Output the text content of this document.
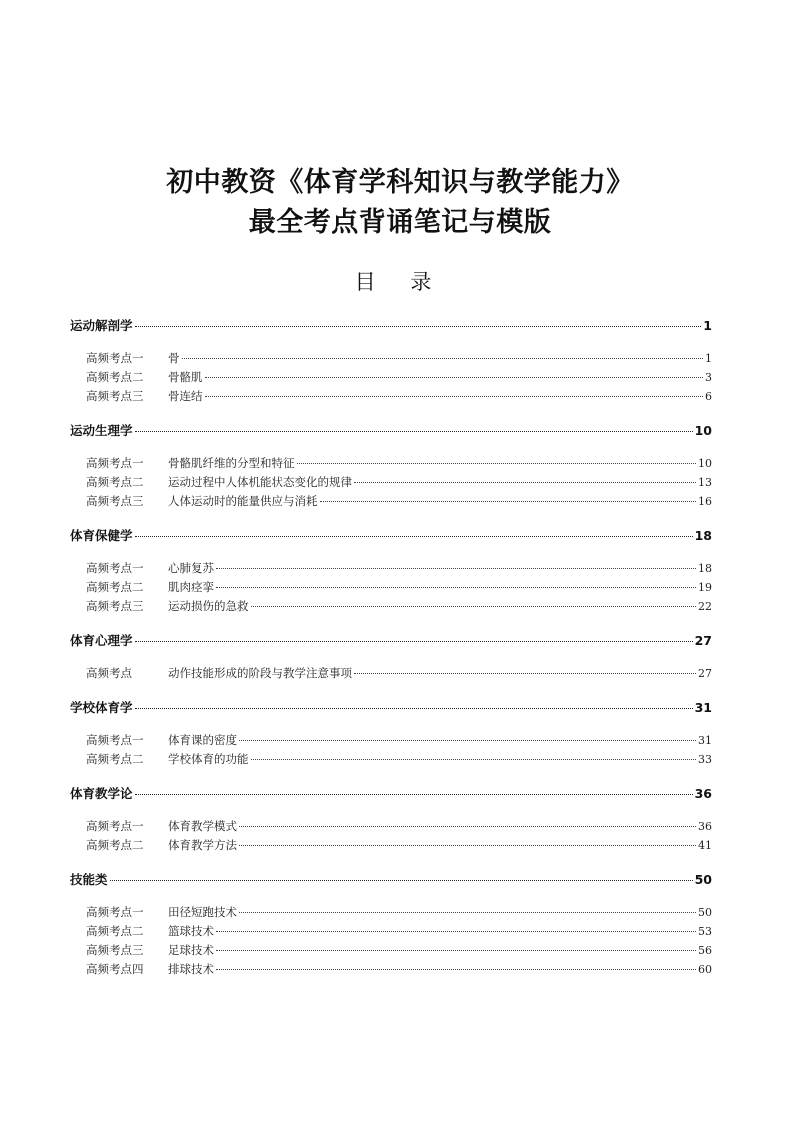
初中教资《体育学科知识与教学能力》
最全考点背诵笔记与模版
目 录
运动解剖学	1
高频考点一	骨	1
高频考点二	骨骼肌	3
高频考点三	骨连结	6
运动生理学	10
高频考点一	骨骼肌纤维的分型和特征	10
高频考点二	运动过程中人体机能状态变化的规律	13
高频考点三	人体运动时的能量供应与消耗	16
体育保健学	18
高频考点一	心肺复苏	18
高频考点二	肌肉痉挛	19
高频考点三	运动损伤的急救	22
体育心理学	27
高频考点	动作技能形成的阶段与教学注意事项	27
学校体育学	31
高频考点一	体育课的密度	31
高频考点二	学校体育的功能	33
体育教学论	36
高频考点一	体育教学模式	36
高频考点二	体育教学方法	41
技能类	50
高频考点一	田径短跑技术	50
高频考点二	篮球技术	53
高频考点三	足球技术	56
高频考点四	排球技术	60
